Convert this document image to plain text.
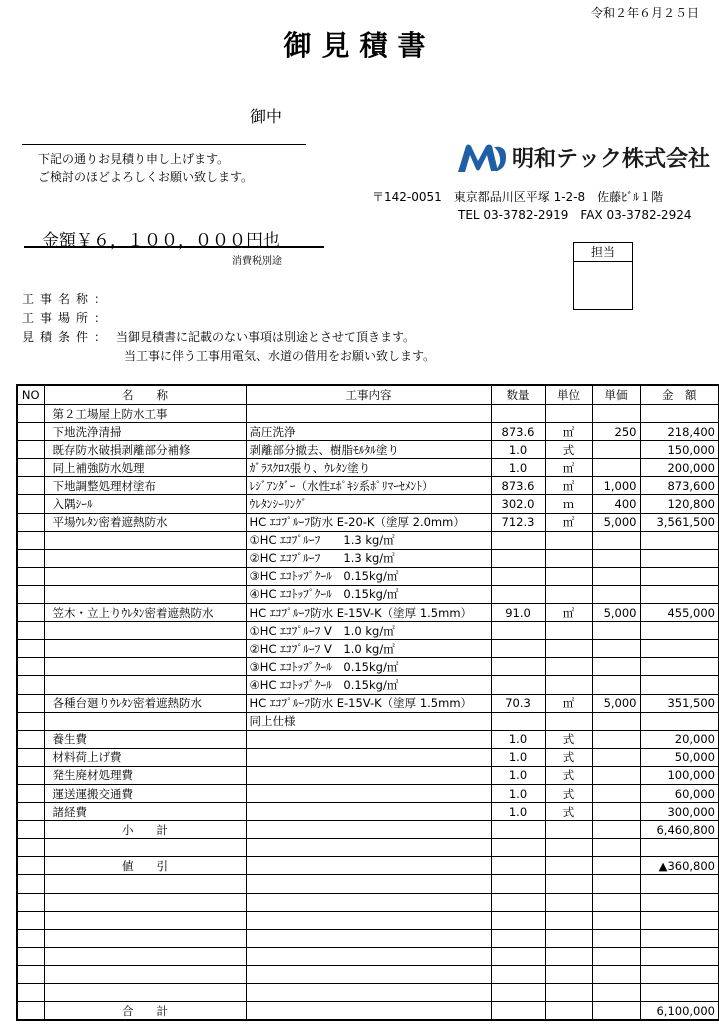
令和２年６月２５日
御見積書
御中
下記の通りお見積り申し上げます。
ご検討のほどよろしくお願い致します。
明和テック株式会社
〒142-0051　東京都品川区平塚 1-2-8　佐藤ﾋﾞﾙ１階
TEL 03-3782-2919　FAX 03-3782-2924
金額￥６，１００，０００円也
消費税別途
担当
工事名称：
工事場所：
見積条件： 当御見積書に記載のない事項は別途とさせて頂きます。
当工事に伴う工事用電気、水道の借用をお願い致します。
NO	名　　称	工事内容	数量	単位	単価	金　額
	第２工場屋上防水工事					
	下地洗浄清掃	高圧洗浄	873.6	㎡	250	218,400
	既存防水破損剥離部分補修	剥離部分撤去、樹脂ﾓﾙﾀﾙ塗り	1.0	式		150,000
	同上補強防水処理	ｶﾞﾗｽｸﾛｽ張り、ｳﾚﾀﾝ塗り	1.0	㎡		200,000
	下地調整処理材塗布	ﾚｼﾞｱﾝﾀﾞｰ（水性ｴﾎﾟｷｼ系ﾎﾟﾘﾏｰｾﾒﾝﾄ）	873.6	㎡	1,000	873,600
	入隅ｼｰﾙ	ｳﾚﾀﾝｼｰﾘﾝｸﾞ	302.0	ｍ	400	120,800
	平場ｳﾚﾀﾝ密着遮熱防水	HC ｴｺﾌﾟﾙｰﾌ防水 E-20-K（塗厚 2.0mm）	712.3	㎡	5,000	3,561,500
		①HC ｴｺﾌﾟﾙｰﾌ　　1.3 kg/㎡				
		②HC ｴｺﾌﾟﾙｰﾌ　　1.3 kg/㎡				
		③HC ｴｺﾄｯﾌﾟｸｰﾙ　0.15kg/㎡				
		④HC ｴｺﾄｯﾌﾟｸｰﾙ　0.15kg/㎡				
	笠木・立上りｳﾚﾀﾝ密着遮熱防水	HC ｴｺﾌﾟﾙｰﾌ防水 E-15V-K（塗厚 1.5mm）	91.0	㎡	5,000	455,000
		①HC ｴｺﾌﾟﾙｰﾌ V　1.0 kg/㎡				
		②HC ｴｺﾌﾟﾙｰﾌ V　1.0 kg/㎡				
		③HC ｴｺﾄｯﾌﾟｸｰﾙ　0.15kg/㎡				
		④HC ｴｺﾄｯﾌﾟｸｰﾙ　0.15kg/㎡				
	各種台廻りｳﾚﾀﾝ密着遮熱防水	HC ｴｺﾌﾟﾙｰﾌ防水 E-15V-K（塗厚 1.5mm）	70.3	㎡	5,000	351,500
		同上仕様				
	養生費		1.0	式		20,000
	材料荷上げ費		1.0	式		50,000
	発生廃材処理費		1.0	式		100,000
	運送運搬交通費		1.0	式		60,000
	諸経費		1.0	式		300,000
	小　　計					6,460,800

	値　　引					▲360,800

	合　　計					6,100,000
